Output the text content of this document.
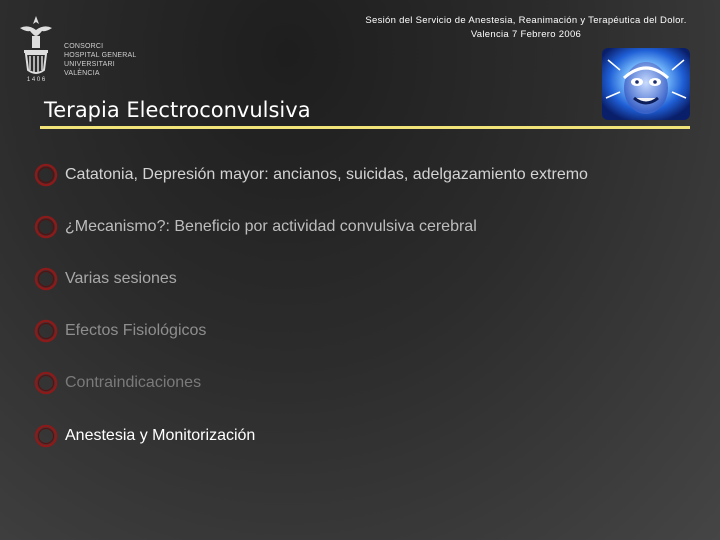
1 4 0 6
CONSORCI
HOSPITAL GENERAL
UNIVERSITARI
VALÈNCIA
Sesión del Servicio de Anestesia, Reanimación y Terapéutica del Dolor.
Valencia 7 Febrero 2006
Terapia Electroconvulsiva
Catatonia, Depresión mayor: ancianos, suicidas, adelgazamiento extremo
¿Mecanismo?: Beneficio por actividad convulsiva cerebral
Varias sesiones
Efectos Fisiológicos
Contraindicaciones
Anestesia y Monitorización
